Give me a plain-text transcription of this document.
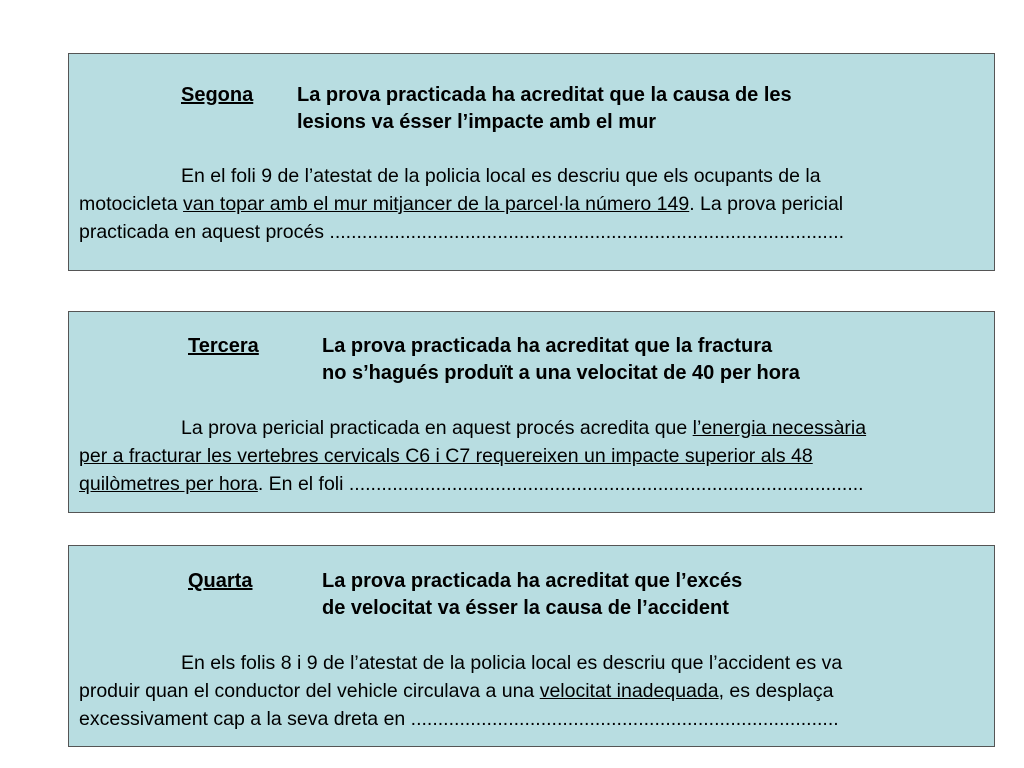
Segona La prova practicada ha acreditat que la causa de les
lesions va ésser l’impacte amb el mur
En el foli 9 de l’atestat de la policia local es descriu que els ocupants de la
motocicleta van topar amb el mur mitjancer de la parcel·la número 149. La prova pericial
practicada en aquest procés ...............................................................................................
Tercera	La prova practicada ha acreditat que la fractura
no s’hagués produït a una velocitat de 40 per hora
La prova pericial practicada en aquest procés acredita que l’energia necessària
per a fracturar les vertebres cervicals C6 i C7 requereixen un impacte superior als 48
quilòmetres per hora. En el foli ...............................................................................................
Quarta	La prova practicada ha acreditat que l’excés
de velocitat va ésser la causa de l’accident
En els folis 8 i 9 de l’atestat de la policia local es descriu que l’accident es va
produir quan el conductor del vehicle circulava a una velocitat inadequada, es desplaça
excessivament cap a la seva dreta en ...............................................................................
